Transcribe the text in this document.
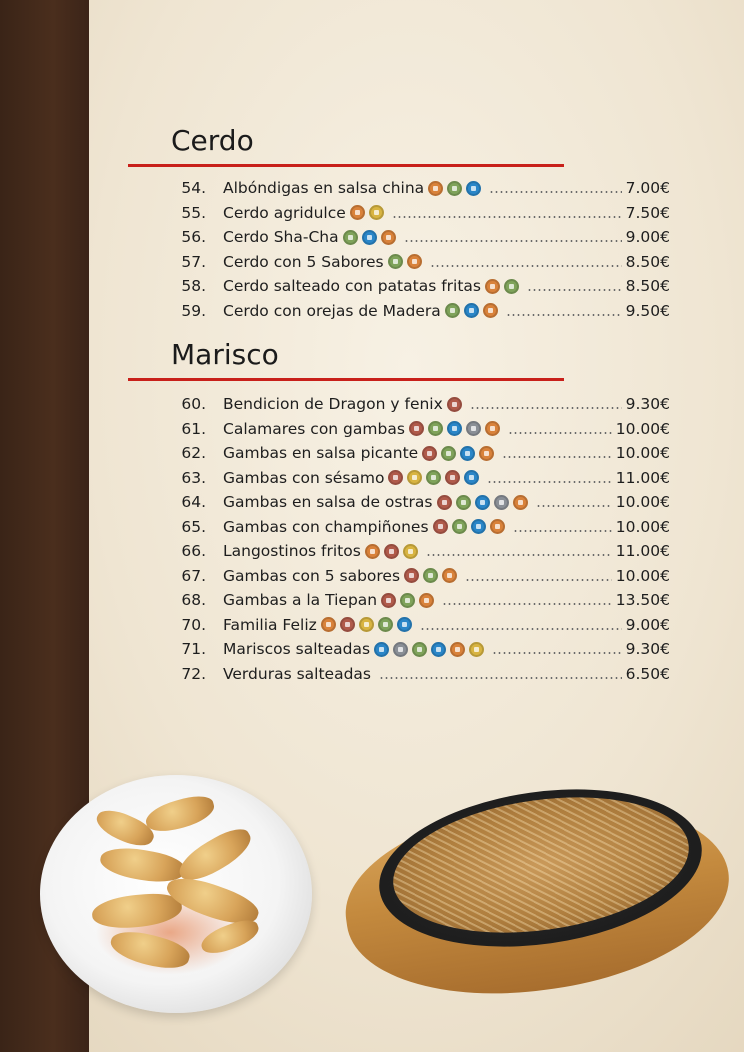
Cerdo
54. Albóndigas en salsa china	7.00€
55. Cerdo agridulce	7.50€
56. Cerdo Sha-Cha	9.00€
57. Cerdo con 5 Sabores	8.50€
58. Cerdo salteado con patatas fritas	8.50€
59. Cerdo con orejas de Madera	9.50€
Marisco
60. Bendicion de Dragon y fenix	9.30€
61. Calamares con gambas	10.00€
62. Gambas en salsa picante	10.00€
63. Gambas con sésamo	11.00€
64. Gambas en salsa de ostras	10.00€
65. Gambas con champiñones	10.00€
66. Langostinos fritos	11.00€
67. Gambas con 5 sabores	10.00€
68. Gambas a la Tiepan	13.50€
70. Familia Feliz	9.00€
71. Mariscos salteadas	9.30€
72. Verduras salteadas	6.50€
